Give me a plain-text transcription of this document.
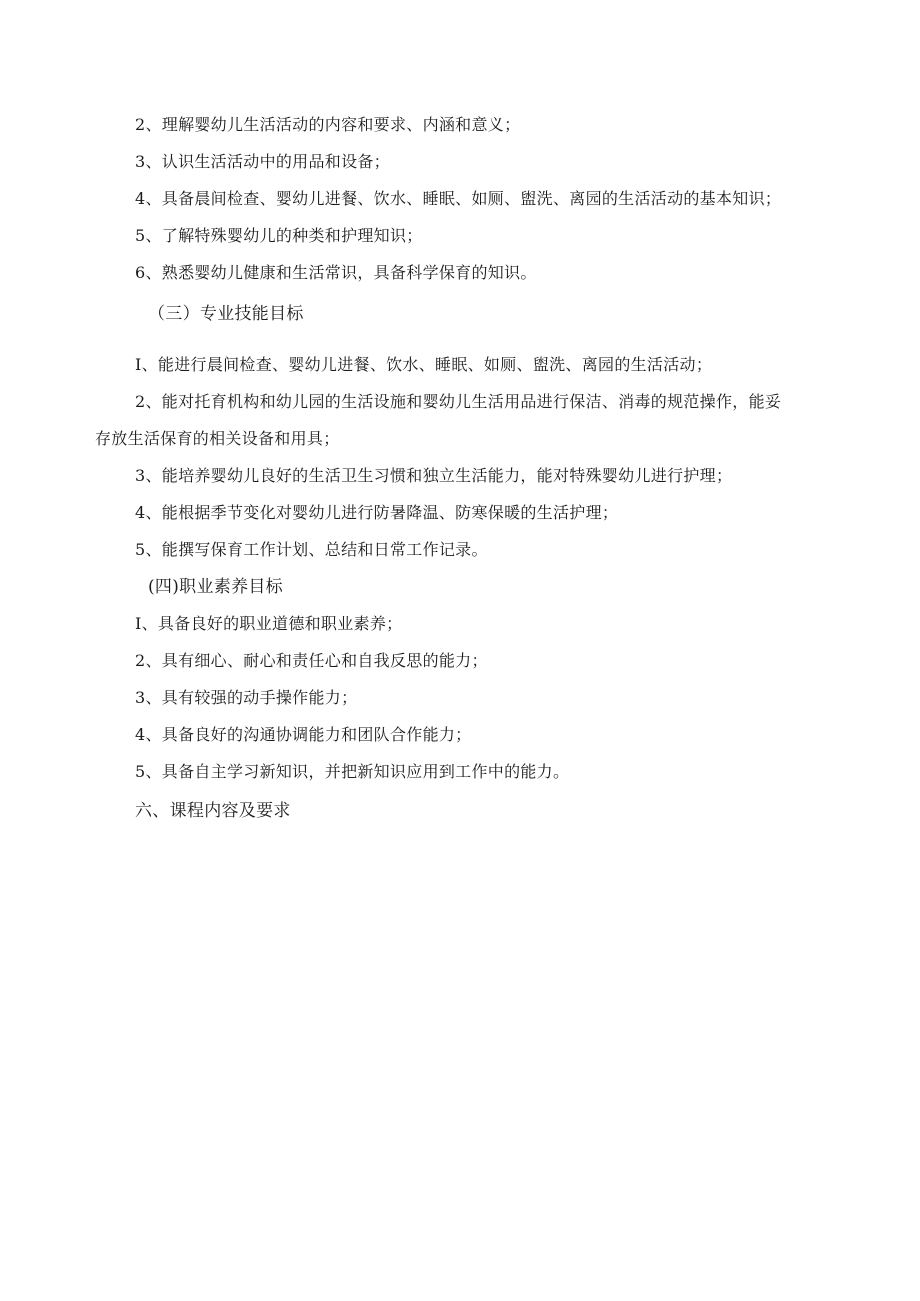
2、理解婴幼儿生活活动的内容和要求、内涵和意义；
3、认识生活活动中的用品和设备；
4、具备晨间检查、婴幼儿进餐、饮水、睡眠、如厕、盥洗、离园的生活活动的基本知识；
5、了解特殊婴幼儿的种类和护理知识；
6、熟悉婴幼儿健康和生活常识，具备科学保育的知识。
（三）专业技能目标
I、能进行晨间检查、婴幼儿进餐、饮水、睡眠、如厕、盥洗、离园的生活活动；
2、能对托育机构和幼儿园的生活设施和婴幼儿生活用品进行保洁、消毒的规范操作，能妥
存放生活保育的相关设备和用具；
3、能培养婴幼儿良好的生活卫生习惯和独立生活能力，能对特殊婴幼儿进行护理；
4、能根据季节变化对婴幼儿进行防暑降温、防寒保暖的生活护理；
5、能撰写保育工作计划、总结和日常工作记录。
(四)职业素养目标
I、具备良好的职业道德和职业素养；
2、具有细心、耐心和责任心和自我反思的能力；
3、具有较强的动手操作能力；
4、具备良好的沟通协调能力和团队合作能力；
5、具备自主学习新知识，并把新知识应用到工作中的能力。
六、课程内容及要求
